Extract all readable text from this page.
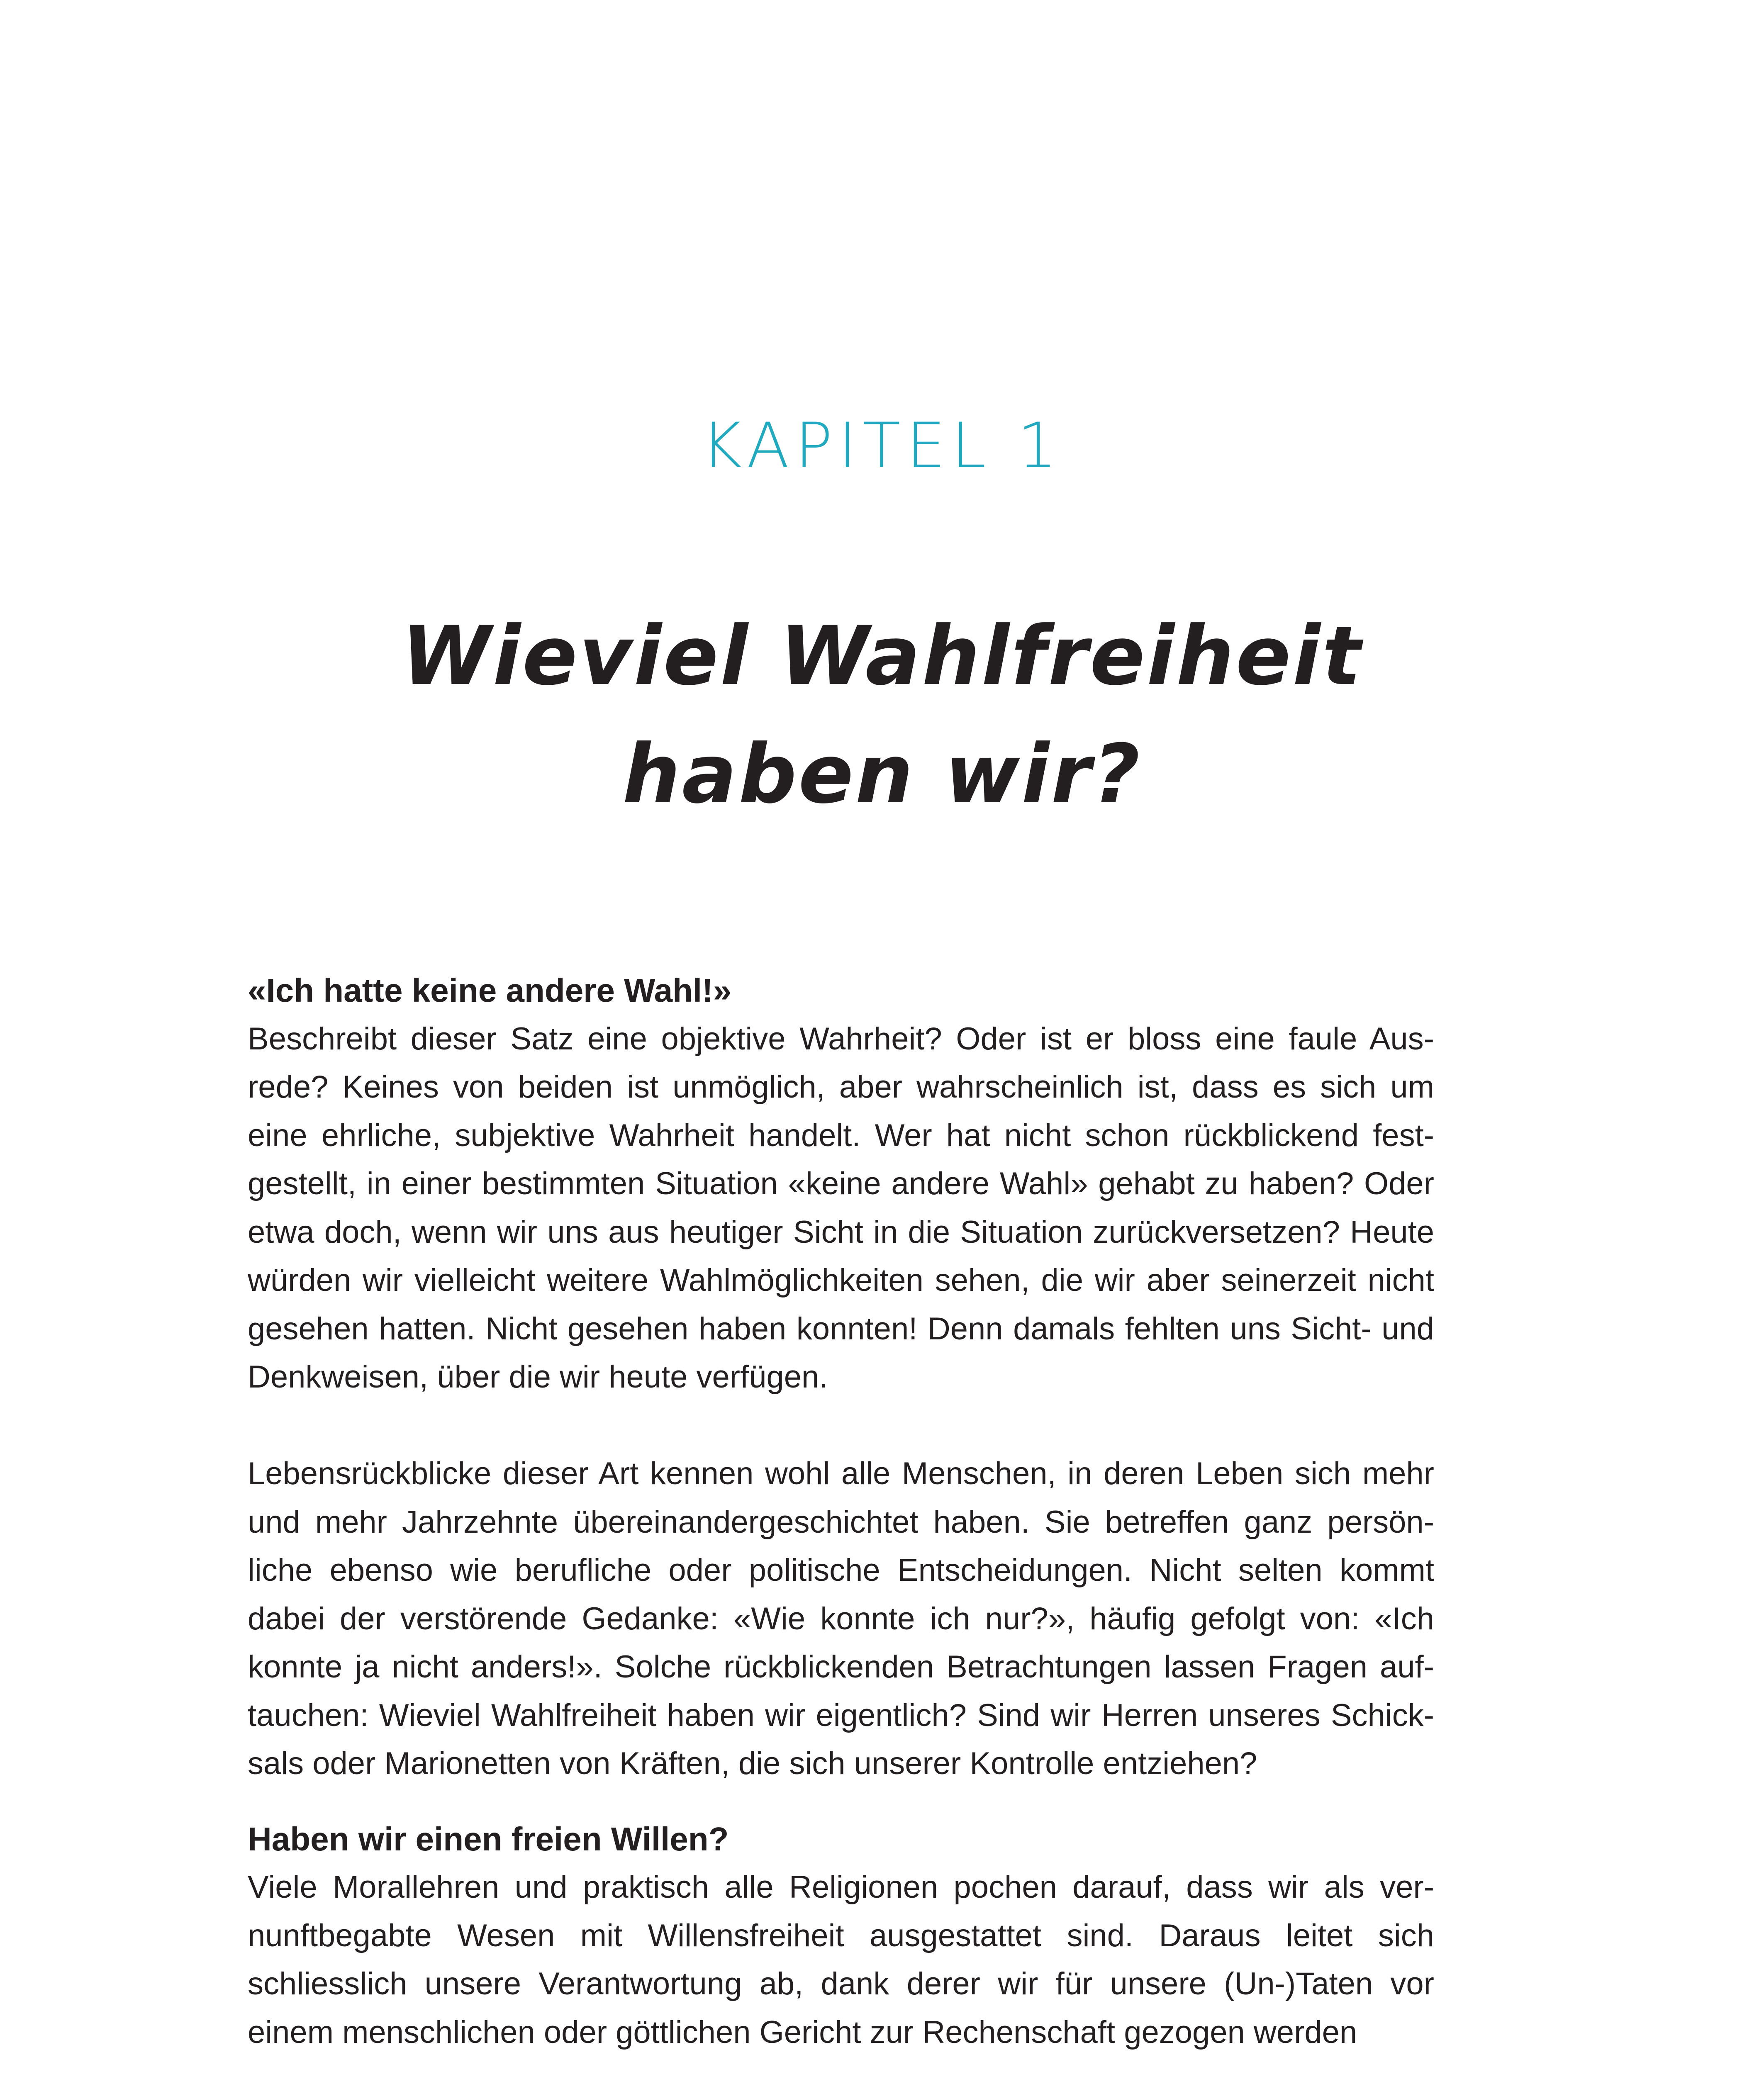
KAPITEL 1
Wieviel Wahlfreiheit
haben wir?
«Ich hatte keine andere Wahl!»

Beschreibt dieser Satz eine objektive Wahrheit? Oder ist er bloss eine faule Ausrede? Keines von beiden ist unmöglich, aber wahrscheinlich ist, dass es sich um eine ehrliche, subjektive Wahrheit handelt. Wer hat nicht schon rückblickend festgestellt, in einer bestimmten Situation «keine andere Wahl» gehabt zu haben? Oder etwa doch, wenn wir uns aus heutiger Sicht in die Situation zurückversetzen? Heute würden wir vielleicht weitere Wahlmöglichkeiten sehen, die wir aber seinerzeit nicht gesehen hatten. Nicht gesehen haben konnten! Denn damals fehlten uns Sicht- und Denkweisen, über die wir heute verfügen.

Lebensrückblicke dieser Art kennen wohl alle Menschen, in deren Leben sich mehr und mehr Jahrzehnte übereinandergeschichtet haben. Sie betreffen ganz persönliche ebenso wie berufliche oder politische Entscheidungen. Nicht selten kommt dabei der verstörende Gedanke: «Wie konnte ich nur?», häufig gefolgt von: «Ich konnte ja nicht anders!». Solche rückblickenden Betrachtungen lassen Fragen auftauchen: Wieviel Wahlfreiheit haben wir eigentlich? Sind wir Herren unseres Schicksals oder Marionetten von Kräften, die sich unserer Kontrolle entziehen?

Haben wir einen freien Willen?

Viele Morallehren und praktisch alle Religionen pochen darauf, dass wir als vernunftbegabte Wesen mit Willensfreiheit ausgestattet sind. Daraus leitet sich schliesslich unsere Verantwortung ab, dank derer wir für unsere (Un-)Taten vor einem menschlichen oder göttlichen Gericht zur Rechenschaft gezogen werden
